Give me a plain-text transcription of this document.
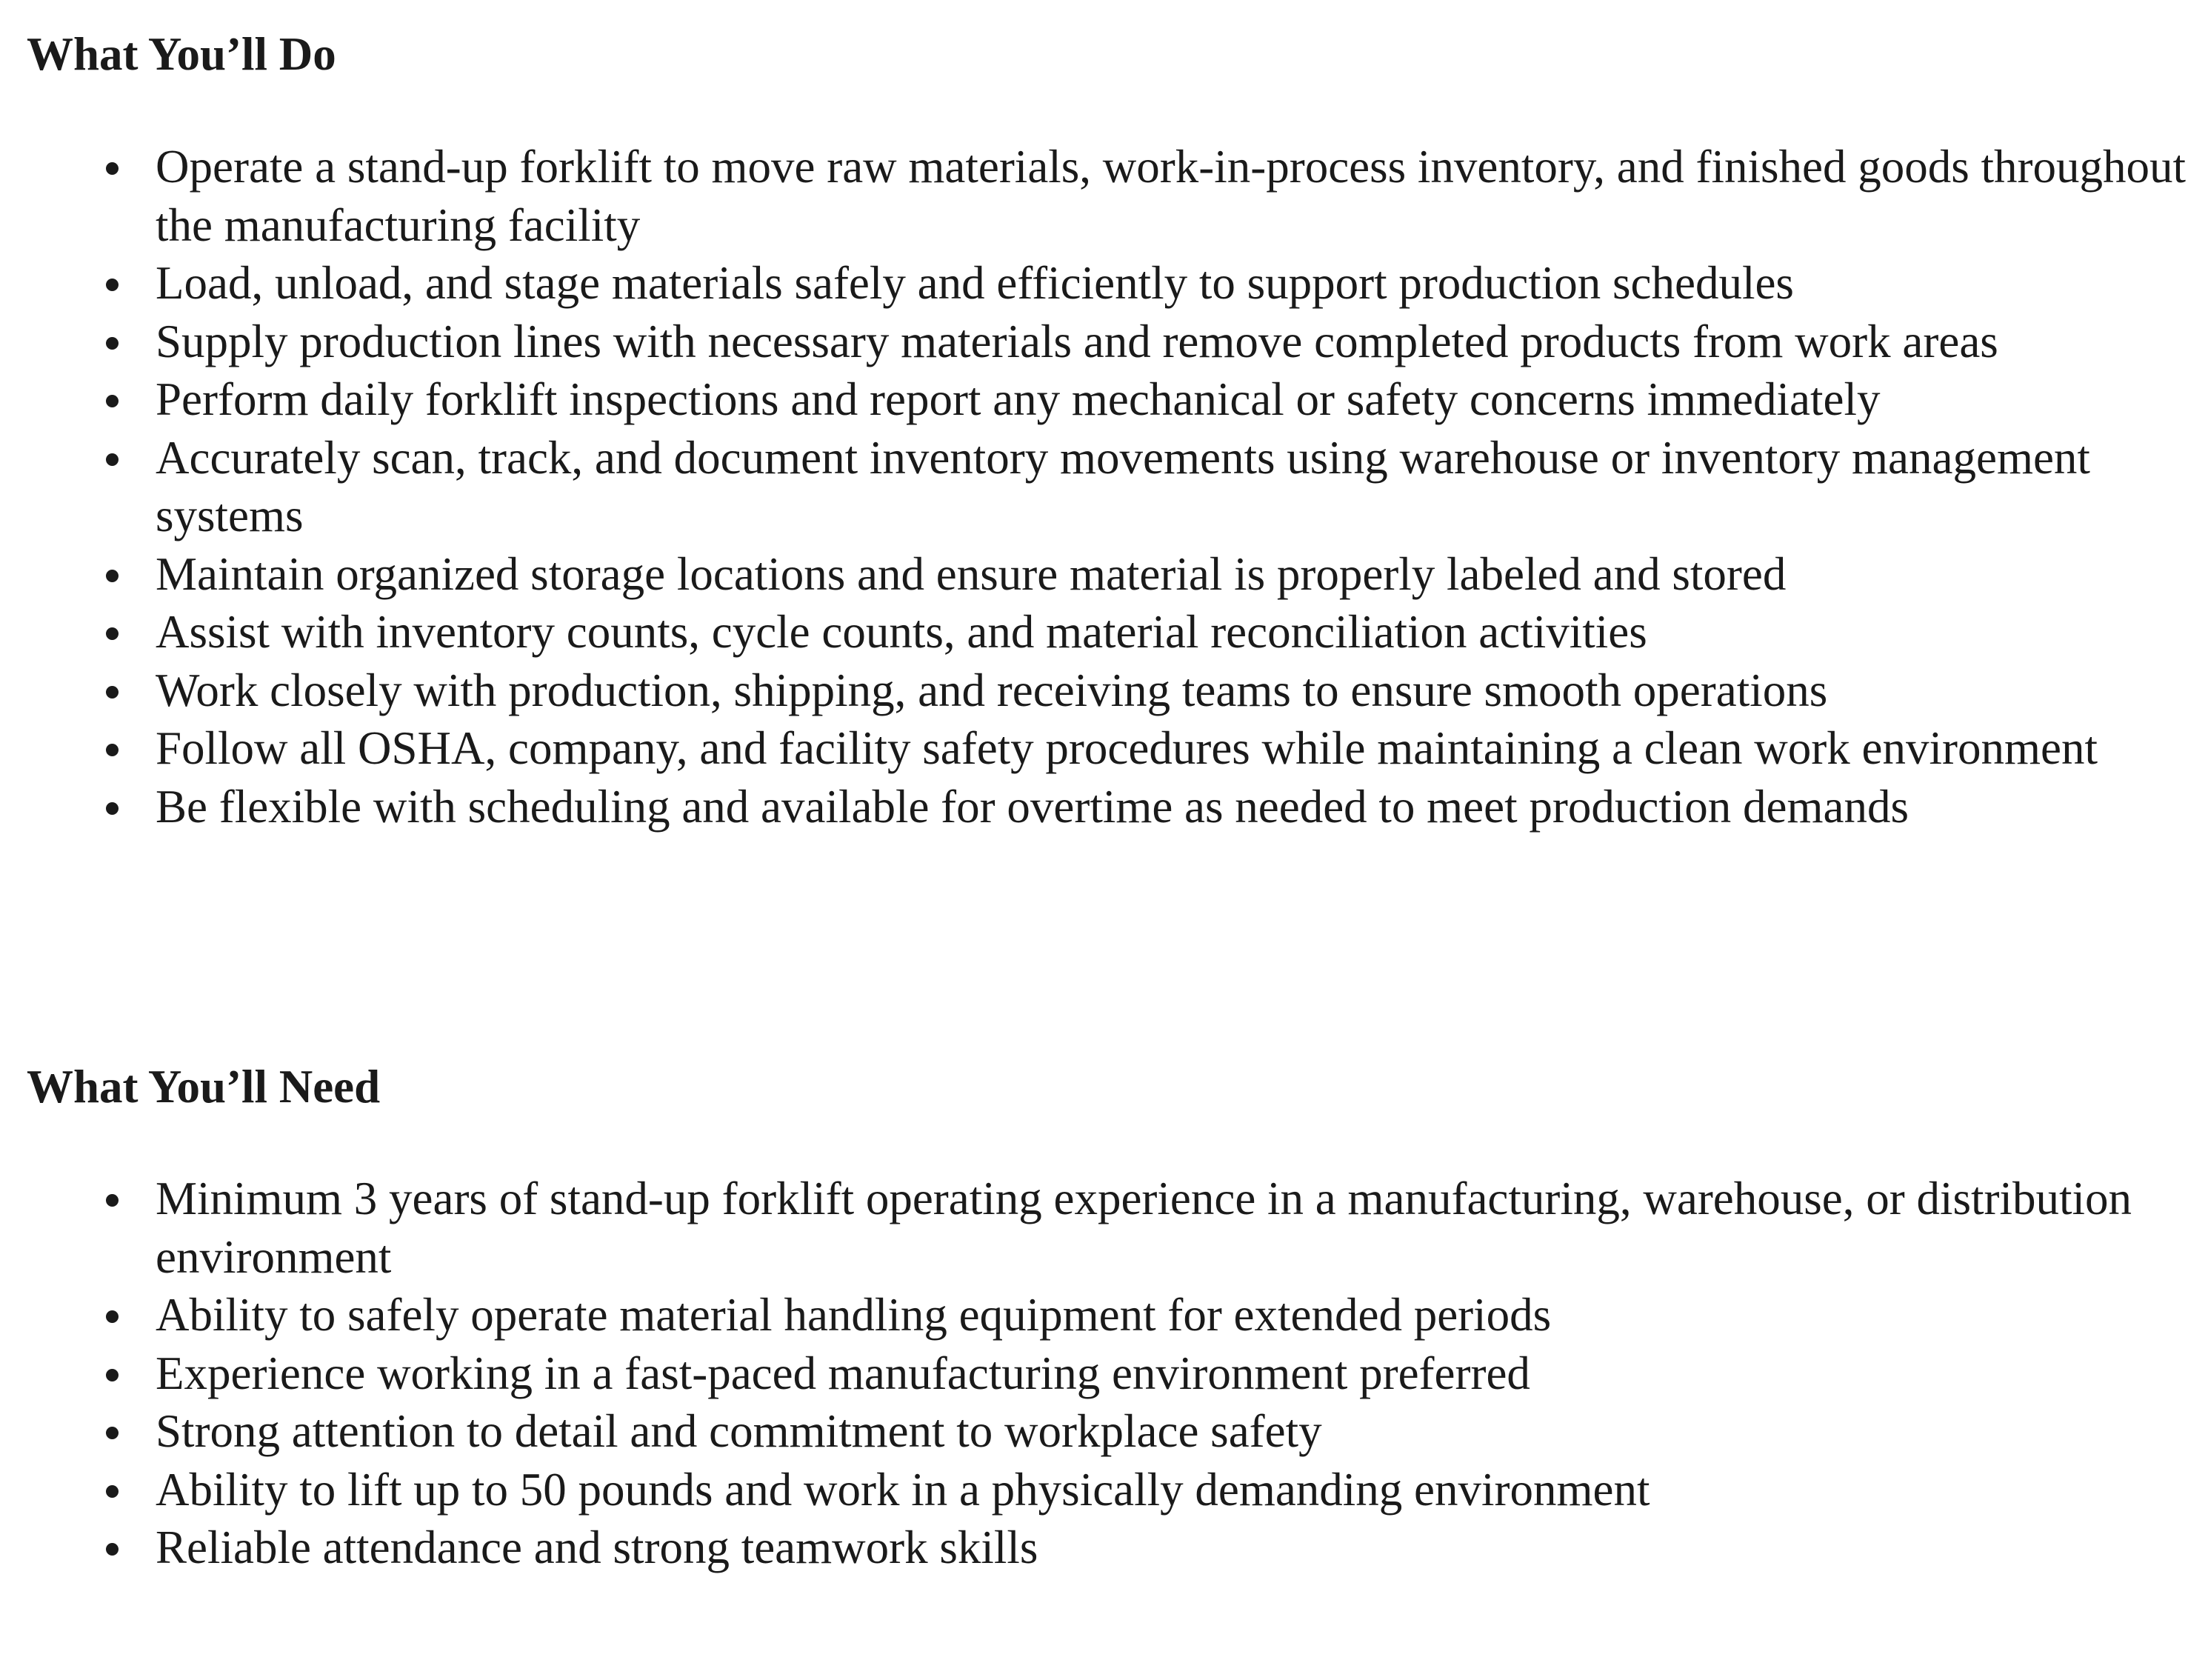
What You’ll Do
Operate a stand-up forklift to move raw materials, work-in-process inventory, and finished goods throughout the manufacturing facility
Load, unload, and stage materials safely and efficiently to support production schedules
Supply production lines with necessary materials and remove completed products from work areas
Perform daily forklift inspections and report any mechanical or safety concerns immediately
Accurately scan, track, and document inventory movements using warehouse or inventory management systems
Maintain organized storage locations and ensure material is properly labeled and stored
Assist with inventory counts, cycle counts, and material reconciliation activities
Work closely with production, shipping, and receiving teams to ensure smooth operations
Follow all OSHA, company, and facility safety procedures while maintaining a clean work environment
Be flexible with scheduling and available for overtime as needed to meet production demands
What You’ll Need
Minimum 3 years of stand-up forklift operating experience in a manufacturing, warehouse, or distribution environment
Ability to safely operate material handling equipment for extended periods
Experience working in a fast-paced manufacturing environment preferred
Strong attention to detail and commitment to workplace safety
Ability to lift up to 50 pounds and work in a physically demanding environment
Reliable attendance and strong teamwork skills
